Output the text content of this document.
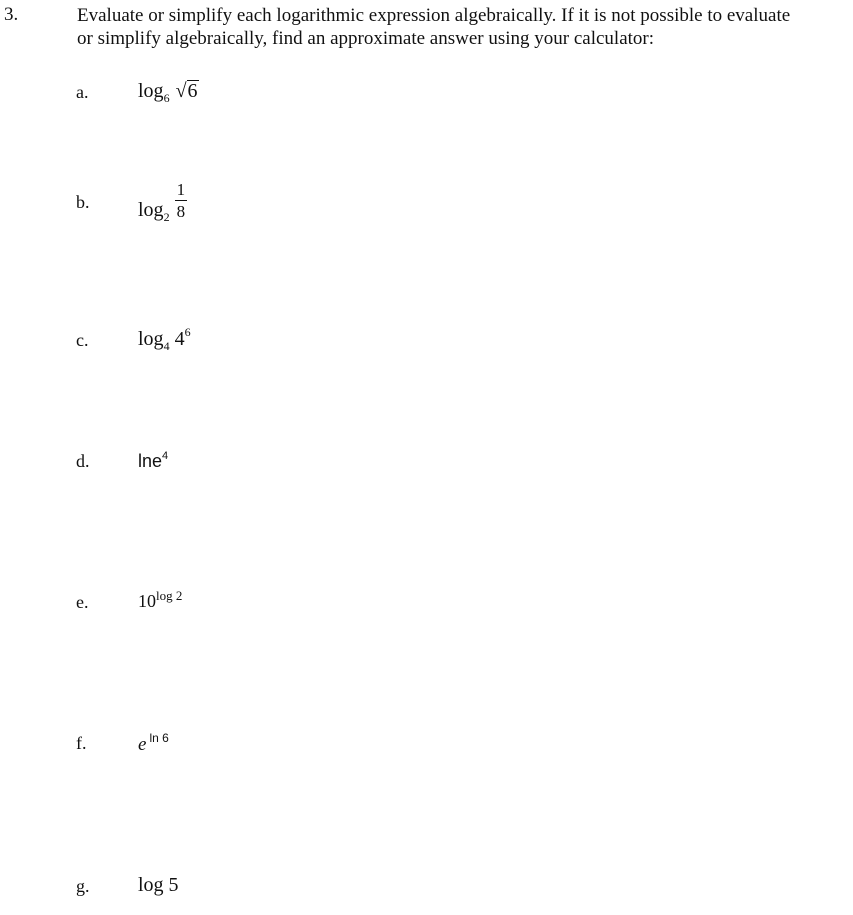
3.	Evaluate or simplify each logarithmic expression algebraically. If it is not possible to evaluate or simplify algebraically, find an approximate answer using your calculator:
a. $\log_6 √6$
b. $\log_2 \frac{1}{8}$
c. $\log_4 4^6$
d.	lne$^4$
e.	$10^{log 2}$
f.	e $^{ln 6}$
g. log 5
